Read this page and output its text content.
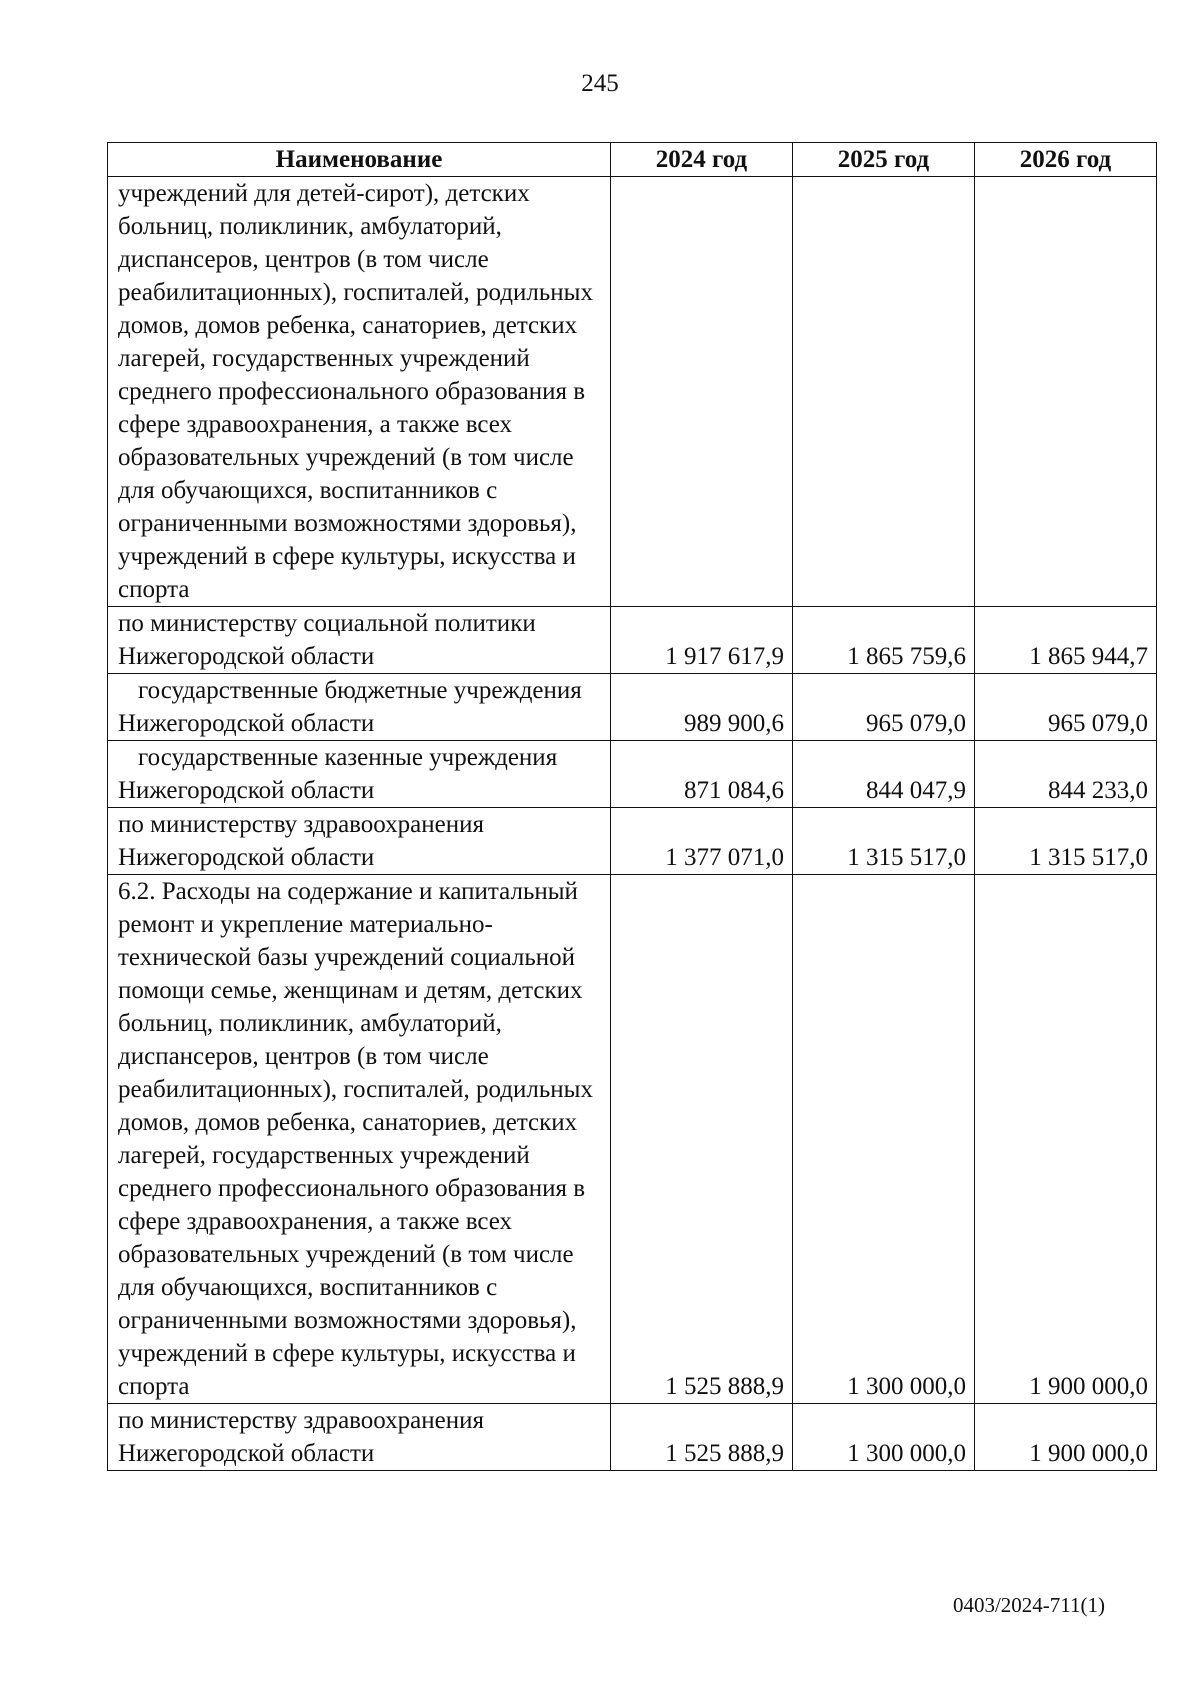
245
Наименование	2024 год	2025 год	2026 год
учреждений для детей-сирот), детских больниц, поликлиник, амбулаторий, диспансеров, центров (в том числе реабилитационных), госпиталей, родильных домов, домов ребенка, санаториев, детских лагерей, государственных учреждений среднего профессионального образования в сфере здравоохранения, а также всех образовательных учреждений (в том числе для обучающихся, воспитанников с ограниченными возможностями здоровья), учреждений в сфере культуры, искусства и спорта			
по министерству социальной политики Нижегородской области	1 917 617,9	1 865 759,6	1 865 944,7
государственные бюджетные учреждения Нижегородской области	989 900,6	965 079,0	965 079,0
государственные казенные учреждения Нижегородской области	871 084,6	844 047,9	844 233,0
по министерству здравоохранения Нижегородской области	1 377 071,0	1 315 517,0	1 315 517,0
6.2. Расходы на содержание и капитальный ремонт и укрепление материально-технической базы учреждений социальной помощи семье, женщинам и детям, детских больниц, поликлиник, амбулаторий, диспансеров, центров (в том числе реабилитационных), госпиталей, родильных домов, домов ребенка, санаториев, детских лагерей, государственных учреждений среднего профессионального образования в сфере здравоохранения, а также всех образовательных учреждений (в том числе для обучающихся, воспитанников с ограниченными возможностями здоровья), учреждений в сфере культуры, искусства и спорта	1 525 888,9	1 300 000,0	1 900 000,0
по министерству здравоохранения Нижегородской области	1 525 888,9	1 300 000,0	1 900 000,0
0403/2024-711(1)
